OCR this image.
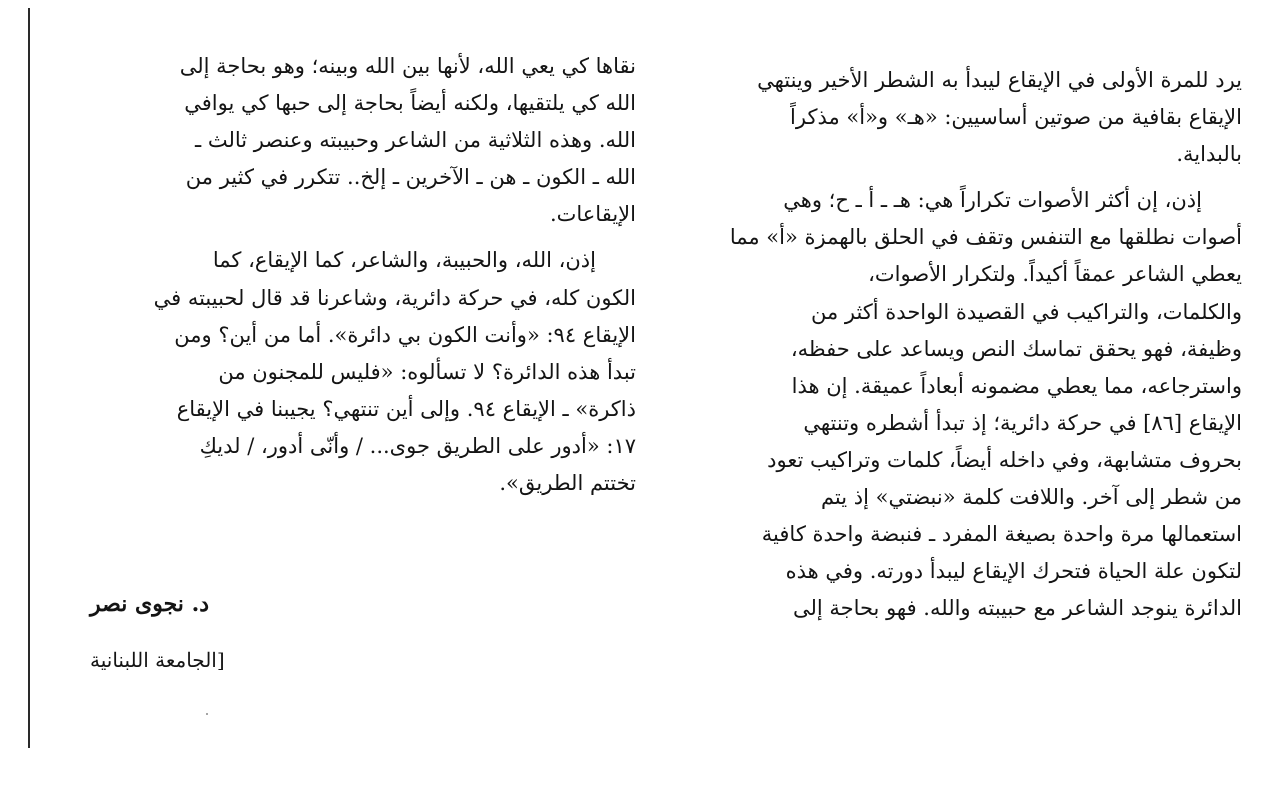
يرد للمرة الأولى في الإيقاع ليبدأ به الشطر الأخير وينتهي
الإيقاع بقافية من صوتين أساسيين: «هـ» و«أ» مذكراً
بالبداية.
إذن، إن أكثر الأصوات تكراراً هي: هـ ـ أ ـ ح؛ وهي
أصوات نطلقها مع التنفس وتقف في الحلق بالهمزة «أ» مما
يعطي الشاعر عمقاً أكيداً. ولتكرار الأصوات،
والكلمات، والتراكيب في القصيدة الواحدة أكثر من
وظيفة، فهو يحقق تماسك النص ويساعد على حفظه،
واسترجاعه، مما يعطي مضمونه أبعاداً عميقة. إن هذا
الإيقاع [٨٦] في حركة دائرية؛ إذ تبدأ أشطره وتنتهي
بحروف متشابهة، وفي داخله أيضاً، كلمات وتراكيب تعود
من شطر إلى آخر. واللافت كلمة «نبضتي» إذ يتم
استعمالها مرة واحدة بصيغة المفرد ـ فنبضة واحدة كافية
لتكون علة الحياة فتحرك الإيقاع ليبدأ دورته. وفي هذه
الدائرة ينوجد الشاعر مع حبيبته والله. فهو بحاجة إلى
نقاها كي يعي الله، لأنها بين الله وبينه؛ وهو بحاجة إلى
الله كي يلتقيها، ولكنه أيضاً بحاجة إلى حبها كي يوافي
الله. وهذه الثلاثية من الشاعر وحبيبته وعنصر ثالث ـ
الله ـ الكون ـ هن ـ الآخرين ـ إلخ.. تتكرر في كثير من
الإيقاعات.
إذن، الله، والحبيبة، والشاعر، كما الإيقاع، كما
الكون كله، في حركة دائرية، وشاعرنا قد قال لحبيبته في
الإيقاع ٩٤: «وأنت الكون بي دائرة». أما من أين؟ ومن
تبدأ هذه الدائرة؟ لا تسألوه: «فليس للمجنون من
ذاكرة» ـ الإيقاع ٩٤. وإلى أين تنتهي؟ يجيبنا في الإيقاع
١٧: «أدور على الطريق جوى... / وأنّى أدور، / لديكِ
تختتم الطريق».
د. نجوى نصر
[الجامعة اللبنانية
